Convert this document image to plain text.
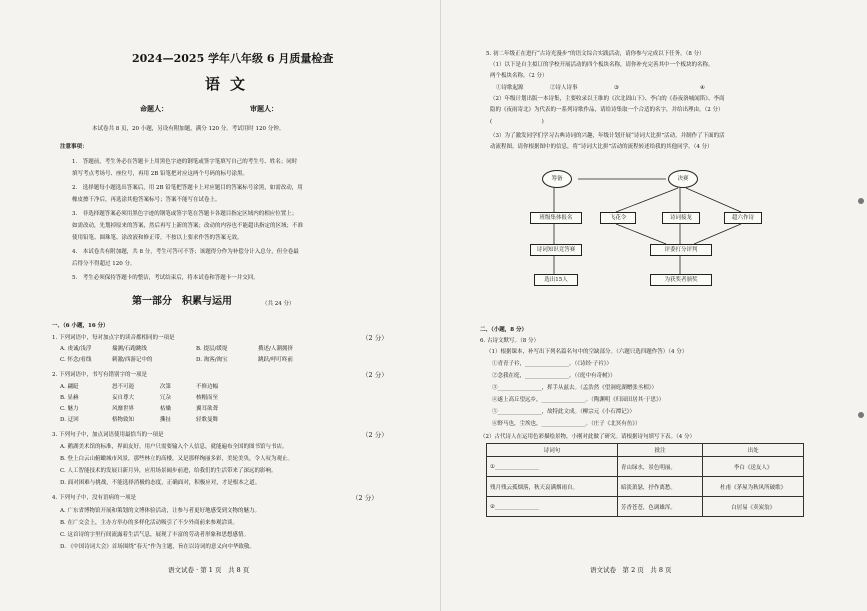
2024—2025 学年八年级 6 月质量检查
语文
命题人：	审题人：
本试卷共 8 页，20 小题，另设有附加题，满分 120 分。考试用时 120 分钟。
注意事项：
1.　答题前，考生务必在答题卡上用黑色字迹的钢笔或签字笔填写自己的考生号、姓名；同时
填写考点考场号、座位号，再用 2B 铅笔把对应这两个号码的标号涂黑。
2.　选择题每小题选出答案后，用 2B 铅笔把答题卡上对应题目的答案标号涂黑，如需改动，用
橡皮擦干净后，再选涂其他答案标号；答案不能写在试卷上。
3.　非选择题答案必须用黑色字迹的钢笔或签字笔在答题卡各题目指定区域内的相应位置上；
如需改动，先划掉原来的答案，然后再写上新的答案；改动的内容也不能超出指定的区域；不准
使用铅笔、圆珠笔、涂改液和修正带。不按以上要求作答的答案无效。
4.　本试卷共有附加题，共 8 分，考生可答可不答；该题得分作为补偿分计入总分，但全卷最
后得分不得超过 120 分。
5.　考生必须保持答题卡的整洁，考试结束后，将本试卷和答题卡一并交回。
第一部分　积累与运用	（共 24 分）
一、（6 小题，16 分）
1. 下列词语中，每对加点字的读音都相同的一项是	（2 分）
A. 虔诚/浅浮	揣测/石跑跳线	B. 提层/缓堤	撰述/人潮拥挤
C. 怀念/看线	刺激/西游记中的	D. 淘客/淘宝	跳跃/呼叮咚前
2. 下列词语中，书写有错别字的一项是	（2 分）
A. 翩跹	怒不可遏	次第	不修边幅
B. 显赫	妄自尊大	冗杂	核帽而至
C. 魅力	风靡世界	枯燥	翼耳欲聋
D. 迂回	格物致知	撕扯	轻歌曼舞
3. 下列句子中，加点词语使用最恰当的一项是	（2 分）
A. 鹅湖美术馆的标准，界面友好，用户只需要输入个人信息，就能遍布全国的图书馆与书店。
B. 登上白云山俯瞰城市风景，那些林立的高楼，又是那样绚丽多彩，美轮美奂，令人叹为观止。
C. 人工智能技术的发展日新月异，应用场景阔步前进，给我们的生活带来了深远的影响。
D. 面对困难与挑战，不能选择消极的态度，正确面对，积极应对，才是根本之道。
4. 下列句子中，没有语病的一项是	（2 分）
A. 广东省博物馆开展和策划的文博体验活动，让参与者更好地感受到文物的魅力。
B. 在广交会上，主办方举办的多样化活动吸引了不少外商前来参观洽谈。
C. 这首诗的字里行间流露着生活气息，展现了丰富的劳动者形象和思想感情。
D. 《中国诗词大会》首场围绕“春天”作为主题，旨在以诗词的意义向中华致敬。
语文试卷 · 第 1 页　共 8 页
5. 初二年级正在进行“古诗光漫步”的语文综合实践活动，请你参与完成以下任务。（8 分）
（1）以下是自主拟订的学校开展活动的四个板块名称，请你补充完善其中一个板块的名称。
两个板块名称。（2 分）
①诗歌起源	②诗人诗事	③	④
（2）年级计划出版一本诗集，主要收录以王维的《次北固山下》、李白的《春夜洛城闻笛》、李商
隐的《夜雨寄北》为代表的一系列诗歌作品，请给诗集取一个合适的名字，并给出理由。（2 分）
(　　　　　　　　　)　　　　　　　　　　　　　　　
（3）为了激发同学们学习古典诗词的兴趣，年级计划开展“诗词大比拼”活动，并制作了下面的活
动流程图。请你根据图中的信息，将“诗词大比拼”活动的流程转述给我的其他同学。（4 分）
筹备	决赛
班级集体报名
诗词知识竞答赛
选出15人
飞花令	诗词接龙	超六作诗
评委打分评判
为获奖者颁奖
二、（小题，8 分）
6. 古诗文默写。（8 分）
（1）根据课本，补写出下列名篇名句中的空缺部分。（六题只选四题作答）（4 分）
①青青子衿，________________。（《诗经·子衿》）
②念我在庭，________________。（《庭中有奇树》）
③________________，挥手从兹去。（孟浩然《望洞庭湖赠张丞相》）
④遂上高丘望远乡，________________。（陶渊明《归园田居其·于思》）
⑤________________，故特此文成。（柳宗元《小石潭记》）
⑥野马也，尘埃也，________________。（庄子《北冥有鱼》）
（2）古代诗人在运用色彩描绘景物，小刚对此做了研究。请根据诗句填写下表。（4 分）
诗词句	批注	出处
①________________	青山绿水，景色明丽。	李白《送友人》
残月残云孤烟落，秋天哀满烟雨自。	暗淡萧瑟，抒作离愁。	杜甫《茅屋为秋风所破歌》
②________________	芳香苍苍，色调雄浑。	白居易《卖炭翁》
语文试卷　第 2 页　共 8 页
